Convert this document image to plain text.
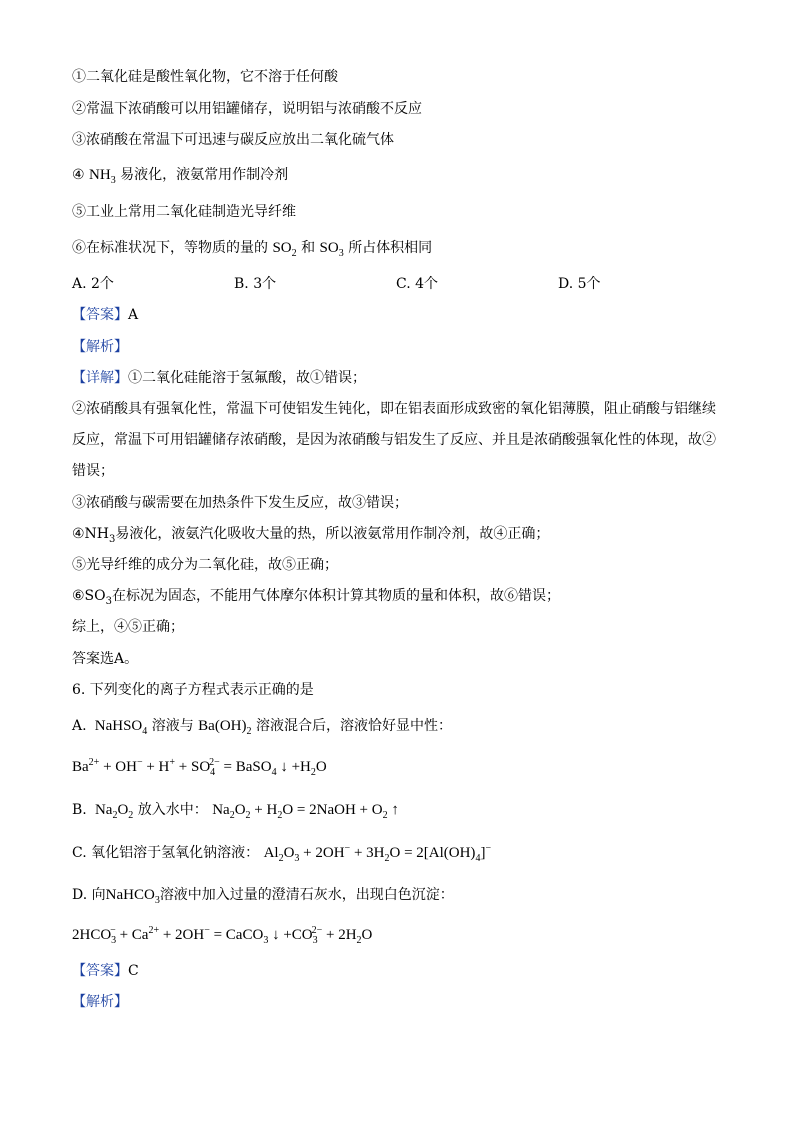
①二氧化硅是酸性氧化物，它不溶于任何酸
②常温下浓硝酸可以用铝罐储存，说明铝与浓硝酸不反应
③浓硝酸在常温下可迅速与碳反应放出二氧化硫气体
④ $NH_3$ 易液化，液氨常用作制冷剂
⑤工业上常用二氧化硅制造光导纤维
⑥在标准状况下，等物质的量的 $SO_2$ 和 $SO_3$ 所占体积相同
A. 2个	B. 3个	C. 4个	D. 5个
【答案】A
【解析】
【详解】①二氧化硅能溶于氢氟酸，故①错误；
②浓硝酸具有强氧化性，常温下可使铝发生钝化，即在铝表面形成致密的氧化铝薄膜，阻止硝酸与铝继续
反应，常温下可用铝罐储存浓硝酸，是因为浓硝酸与铝发生了反应、并且是浓硝酸强氧化性的体现，故②
错误；
③浓硝酸与碳需要在加热条件下发生反应，故③错误；
$④NH_3$易液化，液氨汽化吸收大量的热，所以液氨常用作制冷剂，故④正确；
⑤光导纤维的成分为二氧化硅，故⑤正确；
$⑥SO_3$在标况为固态，不能用气体摩尔体积计算其物质的量和体积，故⑥错误；
综上，④⑤正确；
答案选A。
6. 下列变化的离子方程式表示正确的是
A.  NaHSO$_4$ 溶液与 $Ba(OH)_2$ 溶液混合后，溶液恰好显中性：
$Ba^{2+} + OH^- + H^+ + SO_4^{2-}$ = BaSO$_4$ ↓ $+H_2O$
B.  $Na_2O_2$ 放入水中： $Na_2O_2 + H_2O$ = 2NaOH + $O_2$ ↑
C. 氧化铝溶于氢氧化钠溶液： $Al_2O_3 + 2OH^- + 3H_2O = 2[Al(OH)_4]^-$
D. 向NaHCO$_3$溶液中加入过量的澄清石灰水，出现白色沉淀：
$2HCO_3^- + Ca^{2+} + 2OH^-$ = CaCO$_3$ ↓ $+CO_3^{2-} + 2H_2O$
【答案】C
【解析】
